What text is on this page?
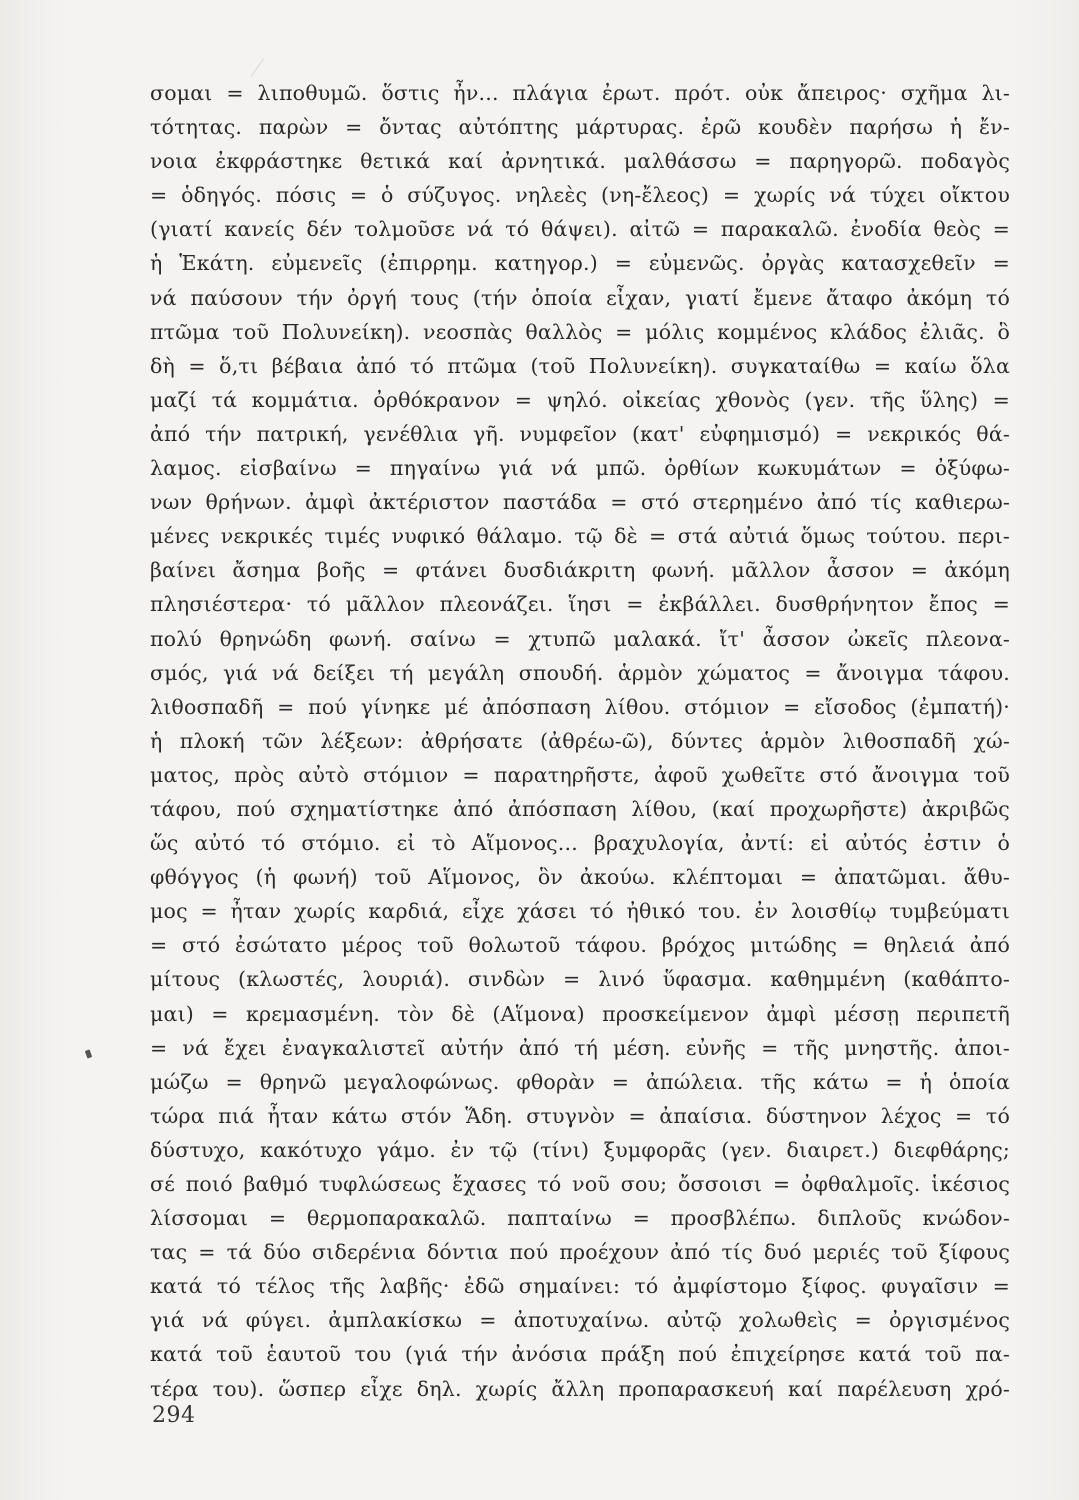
σομαι = λιποθυμῶ. ὅστις ἦν... πλάγια ἐρωτ. πρότ. οὐκ ἄπειρος· σχῆμα λι-
τότητας. παρὼν = ὄντας αὐτόπτης μάρτυρας. ἐρῶ κουδὲν παρήσω ἡ ἔν-
νοια ἐκφράστηκε θετικά καί ἀρνητικά. μαλθάσσω = παρηγορῶ. ποδαγὸς
= ὁδηγός. πόσις = ὁ σύζυγος. νηλεὲς (νη-ἔλεος) = χωρίς νά τύχει οἴκτου
(γιατί κανείς δέν τολμοῦσε νά τό θάψει). αἰτῶ = παρακαλῶ. ἐνοδία θεὸς =
ἡ Ἑκάτη. εὐμενεῖς (ἐπιρρημ. κατηγορ.) = εὐμενῶς. ὀργὰς κατασχεθεῖν =
νά παύσουν τήν ὀργή τους (τήν ὁποία εἶχαν, γιατί ἔμενε ἄταφο ἀκόμη τό
πτῶμα τοῦ Πολυνείκη). νεοσπὰς θαλλὸς = μόλις κομμένος κλάδος ἐλιᾶς. ὃ
δὴ = ὅ,τι βέβαια ἀπό τό πτῶμα (τοῦ Πολυνείκη). συγκαταίθω = καίω ὅλα
μαζί τά κομμάτια. ὀρθόκρανον = ψηλό. οἰκείας χθονὸς (γεν. τῆς ὕλης) =
ἀπό τήν πατρική, γενέθλια γῆ. νυμφεῖον (κατ' εὐφημισμό) = νεκρικός θά-
λαμος. εἰσβαίνω = πηγαίνω γιά νά μπῶ. ὀρθίων κωκυμάτων = ὀξύφω-
νων θρήνων. ἀμφὶ ἀκτέριστον παστάδα = στό στερημένο ἀπό τίς καθιερω-
μένες νεκρικές τιμές νυφικό θάλαμο. τῷ δὲ = στά αὐτιά ὅμως τούτου. περι-
βαίνει ἄσημα βοῆς = φτάνει δυσδιάκριτη φωνή. μᾶλλον ἆσσον = ἀκόμη
πλησιέστερα· τό μᾶλλον πλεονάζει. ἵησι = ἐκβάλλει. δυσθρήνητον ἔπος =
πολύ θρηνώδη φωνή. σαίνω = χτυπῶ μαλακά. ἴτ' ἆσσον ὠκεῖς πλεονα-
σμός, γιά νά δείξει τή μεγάλη σπουδή. ἁρμὸν χώματος = ἄνοιγμα τάφου.
λιθοσπαδῆ = πού γίνηκε μέ ἀπόσπαση λίθου. στόμιον = εἴσοδος (ἐμπατή)·
ἡ πλοκή τῶν λέξεων: ἀθρήσατε (ἀθρέω-ῶ), δύντες ἁρμὸν λιθοσπαδῆ χώ-
ματος, πρὸς αὐτὸ στόμιον = παρατηρῆστε, ἀφοῦ χωθεῖτε στό ἄνοιγμα τοῦ
τάφου, πού σχηματίστηκε ἀπό ἀπόσπαση λίθου, (καί προχωρῆστε) ἀκριβῶς
ὥς αὐτό τό στόμιο. εἰ τὸ Αἵμονος... βραχυλογία, ἀντί: εἰ αὐτός ἐστιν ὁ
φθόγγος (ἡ φωνή) τοῦ Αἵμονος, ὃν ἀκούω. κλέπτομαι = ἀπατῶμαι. ἄθυ-
μος = ἦταν χωρίς καρδιά, εἶχε χάσει τό ἠθικό του. ἐν λοισθίῳ τυμβεύματι
= στό ἐσώτατο μέρος τοῦ θολωτοῦ τάφου. βρόχος μιτώδης = θηλειά ἀπό
μίτους (κλωστές, λουριά). σινδὼν = λινό ὕφασμα. καθημμένη (καθάπτο-
μαι) = κρεμασμένη. τὸν δὲ (Αἵμονα) προσκείμενον ἀμφὶ μέσσῃ περιπετῆ
= νά ἔχει ἐναγκαλιστεῖ αὐτήν ἀπό τή μέση. εὐνῆς = τῆς μνηστῆς. ἀποι-
μώζω = θρηνῶ μεγαλοφώνως. φθορὰν = ἀπώλεια. τῆς κάτω = ἡ ὁποία
τώρα πιά ἦταν κάτω στόν Ἅδη. στυγνὸν = ἀπαίσια. δύστηνον λέχος = τό
δύστυχο, κακότυχο γάμο. ἐν τῷ (τίνι) ξυμφορᾶς (γεν. διαιρετ.) διεφθάρης;
σέ ποιό βαθμό τυφλώσεως ἔχασες τό νοῦ σου; ὄσσοισι = ὀφθαλμοῖς. ἱκέσιος
λίσσομαι = θερμοπαρακαλῶ. παπταίνω = προσβλέπω. διπλοῦς κνώδον-
τας = τά δύο σιδερένια δόντια πού προέχουν ἀπό τίς δυό μεριές τοῦ ξίφους
κατά τό τέλος τῆς λαβῆς· ἐδῶ σημαίνει: τό ἀμφίστομο ξίφος. φυγαῖσιν =
γιά νά φύγει. ἀμπλακίσκω = ἀποτυχαίνω. αὐτῷ χολωθεὶς = ὀργισμένος
κατά τοῦ ἑαυτοῦ του (γιά τήν ἀνόσια πράξη πού ἐπιχείρησε κατά τοῦ πα-
τέρα του). ὥσπερ εἶχε δηλ. χωρίς ἄλλη προπαρασκευή καί παρέλευση χρό-
294
